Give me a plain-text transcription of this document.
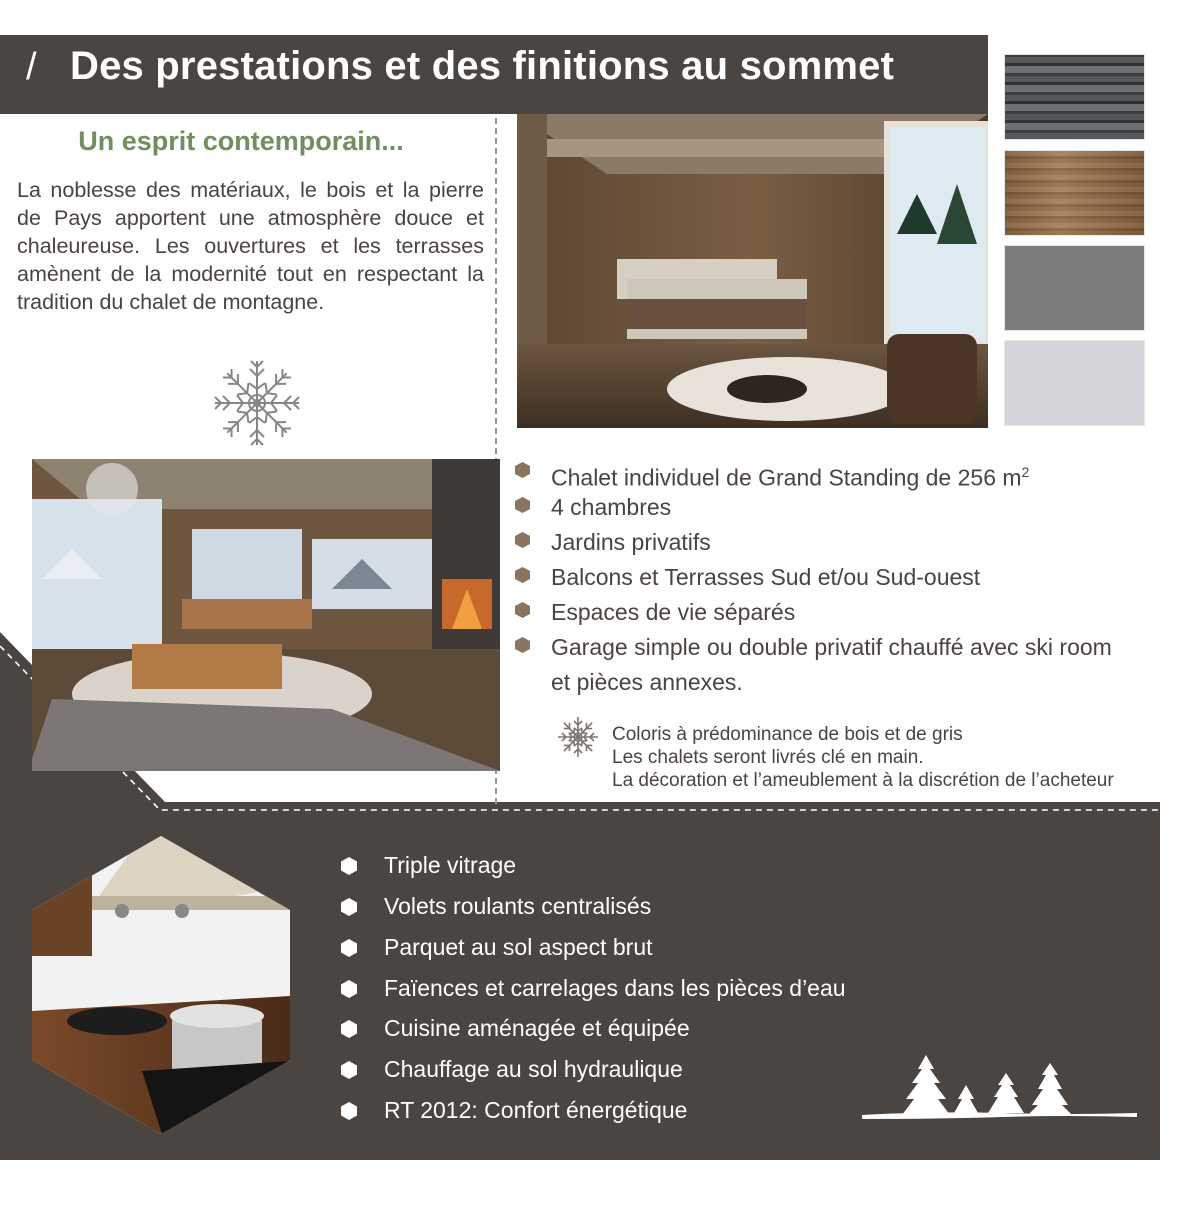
/ Des prestations et des finitions au sommet
Un esprit contemporain...
La noblesse des matériaux, le bois et la pierre de Pays apportent une atmosphère douce et chaleureuse. Les ouvertures et les terrasses amènent de la modernité tout en respectant la tradition du chalet de montagne.
Chalet individuel de Grand Standing de 256 $m^2$
4 chambres
Jardins privatifs
Balcons et Terrasses Sud et/ou Sud-ouest
Espaces de vie séparés
Garage simple ou double privatif chauffé avec ski room
et pièces annexes.
Coloris à prédominance de bois et de gris
Les chalets seront livrés clé en main.
La décoration et l’ameublement à la discrétion de l’acheteur
Triple vitrage
Volets roulants centralisés
Parquet au sol aspect brut
Faïences et carrelages dans les pièces d’eau
Cuisine aménagée et équipée
Chauffage au sol hydraulique
RT 2012: Confort énergétique
